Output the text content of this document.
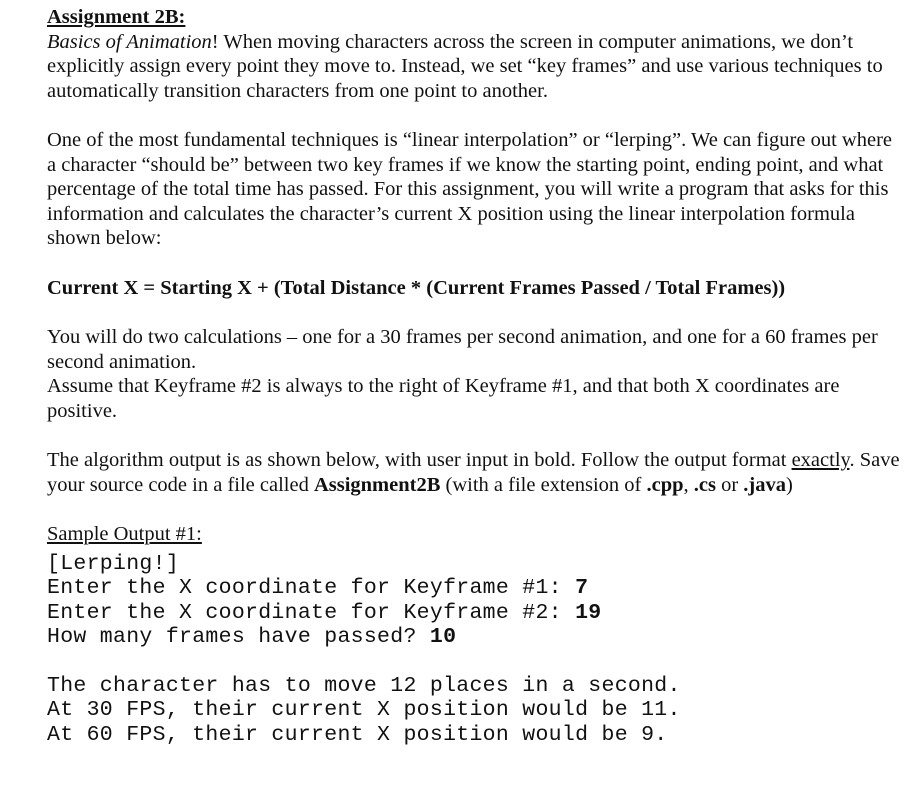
Assignment 2B:

Basics of Animation! When moving characters across the screen in computer animations, we don’t explicitly assign every point they move to. Instead, we set “key frames” and use various techniques to automatically transition characters from one point to another.

One of the most fundamental techniques is “linear interpolation” or “lerping”. We can figure out where a character “should be” between two key frames if we know the starting point, ending point, and what percentage of the total time has passed. For this assignment, you will write a program that asks for this information and calculates the character’s current X position using the linear interpolation formula shown below:

Current X = Starting X + (Total Distance * (Current Frames Passed / Total Frames))

You will do two calculations – one for a 30 frames per second animation, and one for a 60 frames per second animation.

Assume that Keyframe #2 is always to the right of Keyframe #1, and that both X coordinates are positive.

The algorithm output is as shown below, with user input in bold. Follow the output format exactly. Save your source code in a file called Assignment2B (with a file extension of .cpp, .cs or .java)

Sample Output #1:
[Lerping!]
Enter the X coordinate for Keyframe #1: 7
Enter the X coordinate for Keyframe #2: 19
How many frames have passed? 10
The character has to move 12 places in a second.
At 30 FPS, their current X position would be 11.
At 60 FPS, their current X position would be 9.
